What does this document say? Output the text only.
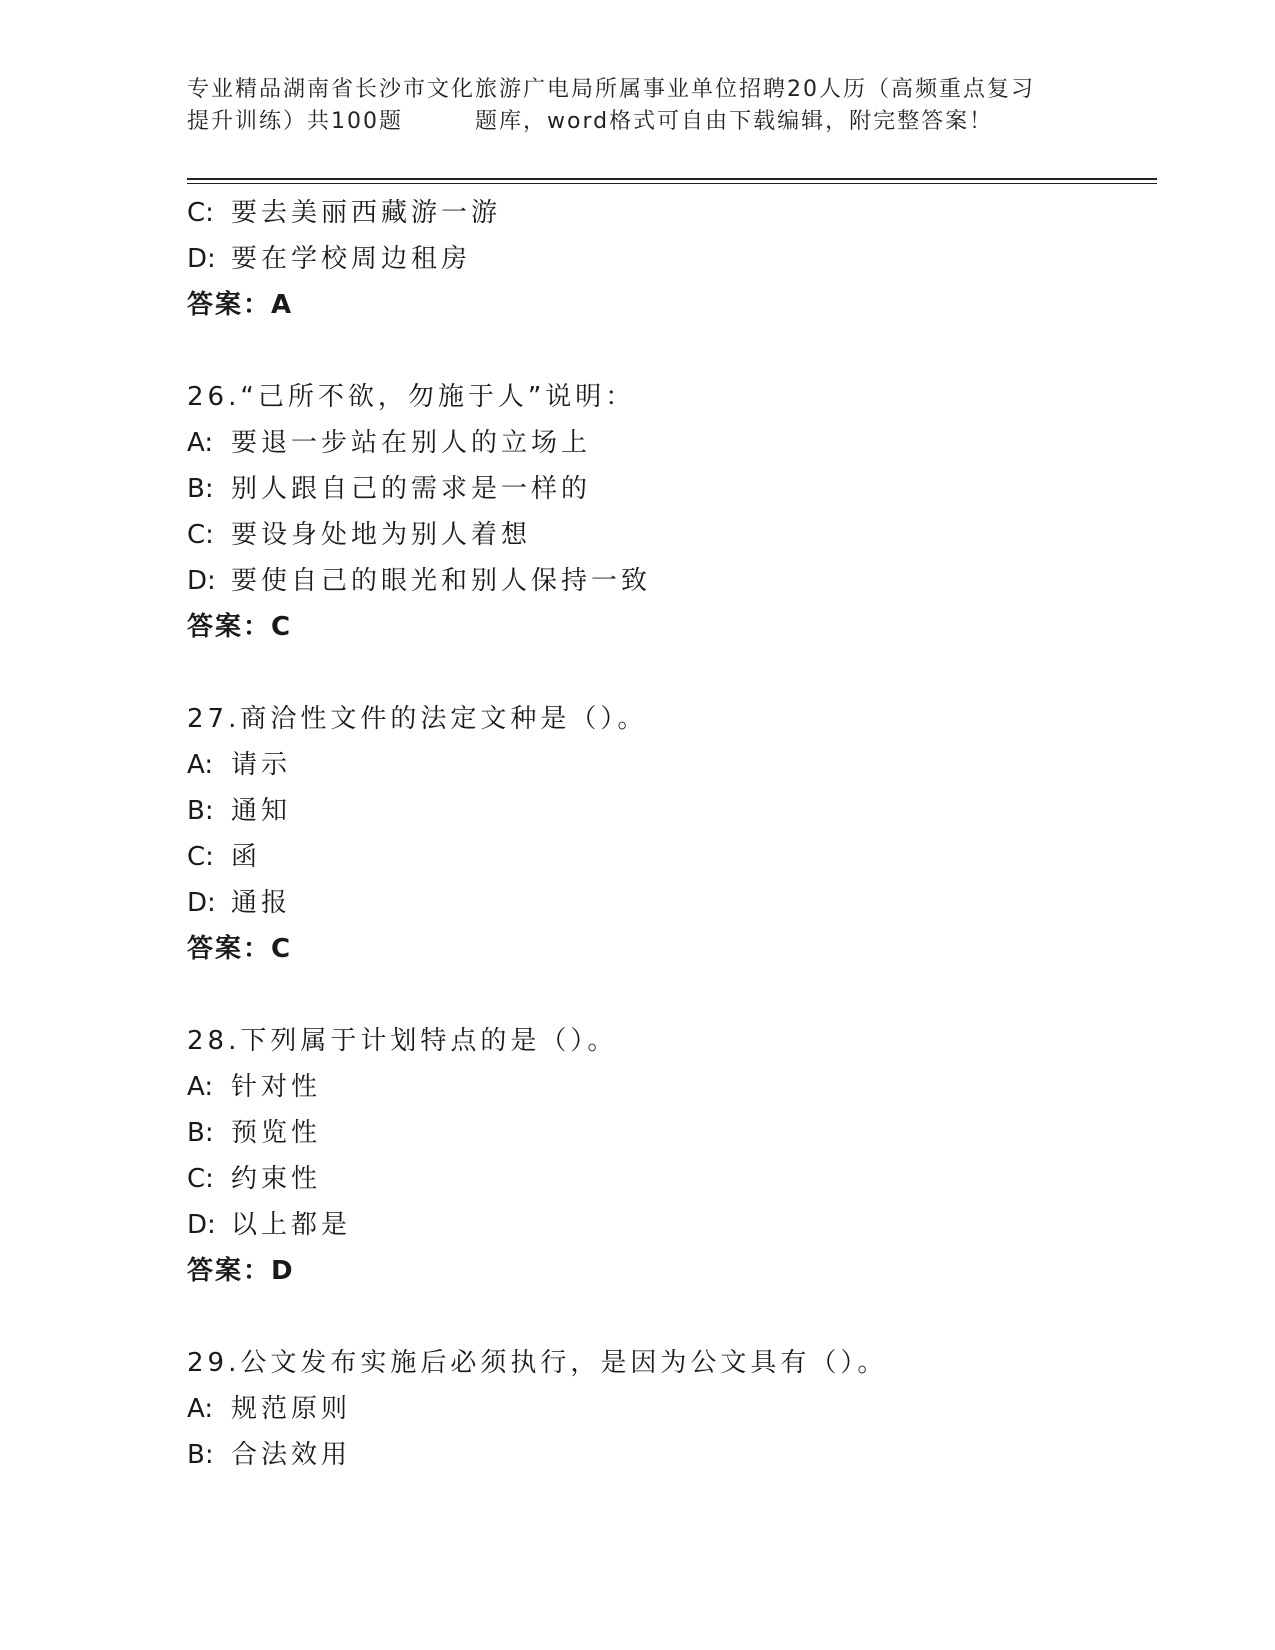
专业精品湖南省长沙市文化旅游广电局所属事业单位招聘20人历（高频重点复习
提升训练）共100题	题库，word格式可自由下载编辑，附完整答案！
C: 要去美丽西藏游一游
D: 要在学校周边租房
答案：A
26.“己所不欲，勿施于人”说明：
A: 要退一步站在别人的立场上
B: 别人跟自己的需求是一样的
C: 要设身处地为别人着想
D: 要使自己的眼光和别人保持一致
答案：C
27.商洽性文件的法定文种是（）。
A: 请示
B: 通知
C: 函
D: 通报
答案：C
28.下列属于计划特点的是（）。
A: 针对性
B: 预览性
C: 约束性
D: 以上都是
答案：D
29.公文发布实施后必须执行，是因为公文具有（）。
A: 规范原则
B: 合法效用
